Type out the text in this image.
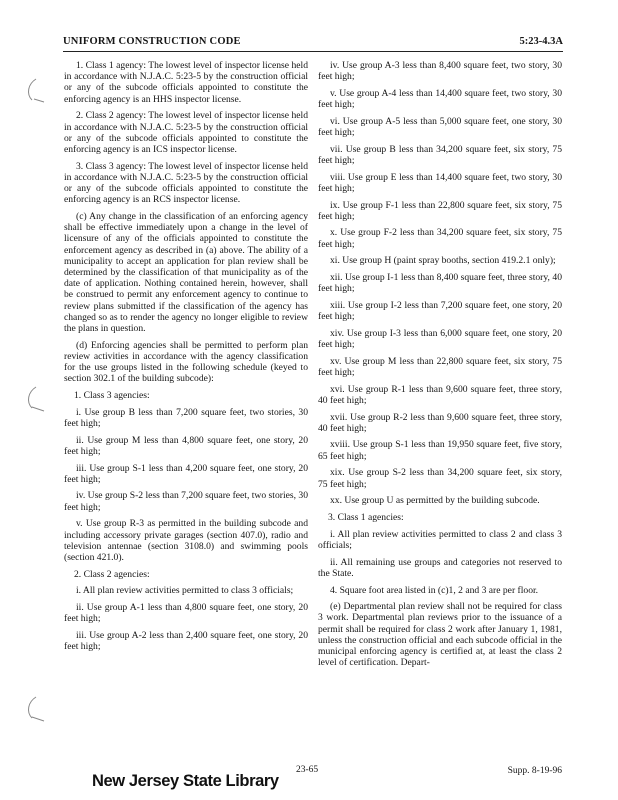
UNIFORM CONSTRUCTION CODE	5:23-4.3A

1. Class 1 agency: The lowest level of inspector license held in accordance with N.J.A.C. 5:23-5 by the construction official or any of the subcode officials appointed to constitute the enforcing agency is an HHS inspector license.

2. Class 2 agency: The lowest level of inspector license held in accordance with N.J.A.C. 5:23-5 by the construction official or any of the subcode officials appointed to constitute the enforcing agency is an ICS inspector license.

3. Class 3 agency: The lowest level of inspector license held in accordance with N.J.A.C. 5:23-5 by the construction official or any of the subcode officials appointed to constitute the enforcing agency is an RCS inspector license.

(c) Any change in the classification of an enforcing agency shall be effective immediately upon a change in the level of licensure of any of the officials appointed to constitute the enforcement agency as described in (a) above. The ability of a municipality to accept an application for plan review shall be determined by the classification of that municipality as of the date of application. Nothing contained herein, however, shall be construed to permit any enforcement agency to continue to review plans submitted if the classification of the agency has changed so as to render the agency no longer eligible to review the plans in question.

(d) Enforcing agencies shall be permitted to perform plan review activities in accordance with the agency classification for the use groups listed in the following schedule (keyed to section 302.1 of the building subcode):

1. Class 3 agencies:

i. Use group B less than 7,200 square feet, two stories, 30 feet high;

ii. Use group M less than 4,800 square feet, one story, 20 feet high;

iii. Use group S-1 less than 4,200 square feet, one story, 20 feet high;

iv. Use group S-2 less than 7,200 square feet, two stories, 30 feet high;

v. Use group R-3 as permitted in the building subcode and including accessory private garages (section 407.0), radio and television antennae (section 3108.0) and swimming pools (section 421.0).

2. Class 2 agencies:

i. All plan review activities permitted to class 3 officials;

ii. Use group A-1 less than 4,800 square feet, one story, 20 feet high;

iii. Use group A-2 less than 2,400 square feet, one story, 20 feet high;

iv. Use group A-3 less than 8,400 square feet, two story, 30 feet high;

v. Use group A-4 less than 14,400 square feet, two story, 30 feet high;

vi. Use group A-5 less than 5,000 square feet, one story, 30 feet high;

vii. Use group B less than 34,200 square feet, six story, 75 feet high;

viii. Use group E less than 14,400 square feet, two story, 30 feet high;

ix. Use group F-1 less than 22,800 square feet, six story, 75 feet high;

x. Use group F-2 less than 34,200 square feet, six story, 75 feet high;

xi. Use group H (paint spray booths, section 419.2.1 only);

xii. Use group I-1 less than 8,400 square feet, three story, 40 feet high;

xiii. Use group I-2 less than 7,200 square feet, one story, 20 feet high;

xiv. Use group I-3 less than 6,000 square feet, one story, 20 feet high;

xv. Use group M less than 22,800 square feet, six story, 75 feet high;

xvi. Use group R-1 less than 9,600 square feet, three story, 40 feet high;

xvii. Use group R-2 less than 9,600 square feet, three story, 40 feet high;

xviii. Use group S-1 less than 19,950 square feet, five story, 65 feet high;

xix. Use group S-2 less than 34,200 square feet, six story, 75 feet high;

xx. Use group U as permitted by the building subcode.

3. Class 1 agencies:

i. All plan review activities permitted to class 2 and class 3 officials;

ii. All remaining use groups and categories not reserved to the State.

4. Square foot area listed in (c)1, 2 and 3 are per floor.

(e) Departmental plan review shall not be required for class 3 work. Departmental plan reviews prior to the issuance of a permit shall be required for class 2 work after January 1, 1981, unless the construction official and each subcode official in the municipal enforcing agency is certified at, at least the class 2 level of certification. Depart-

23-65	Supp. 8-19-96
New Jersey State Library
